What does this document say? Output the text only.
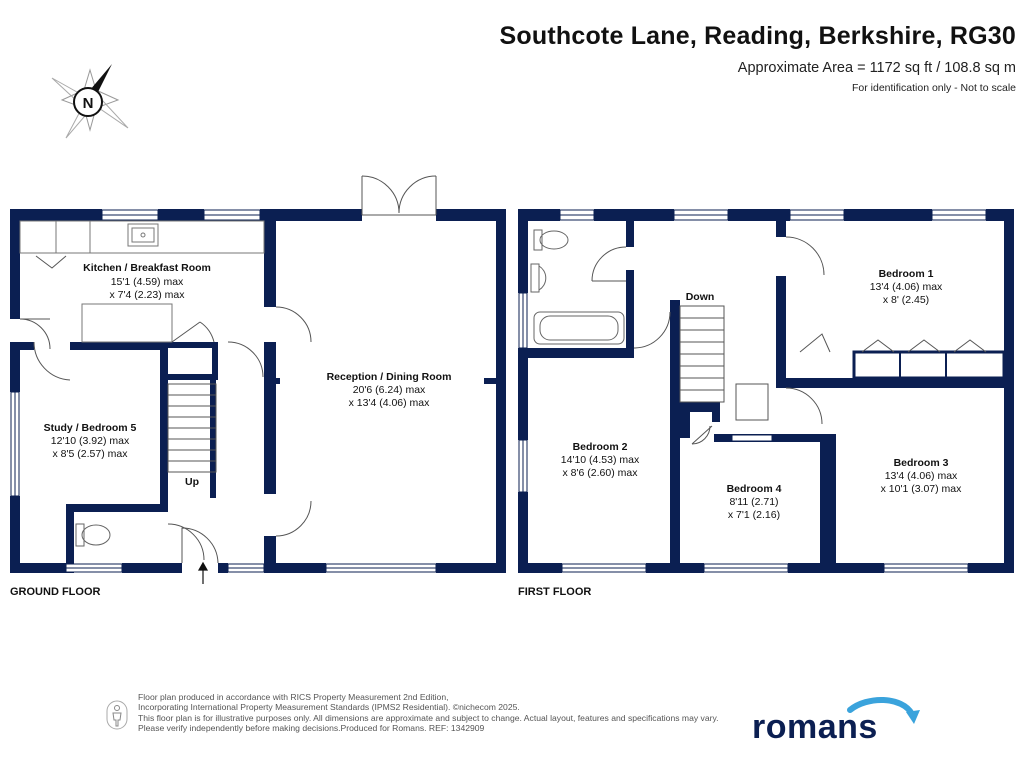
Southcote Lane, Reading, Berkshire, RG30
Approximate Area = 1172 sq ft / 108.8 sq m
For identification only - Not to scale
N
Kitchen / Breakfast Room
15'1 (4.59) max
x 7'4 (2.23) max
Reception / Dining Room
20'6 (6.24) max
x 13'4 (4.06) max
Study / Bedroom 5
12'10 (3.92) max
x 8'5 (2.57) max
Up
GROUND FLOOR
Bedroom 1
13'4 (4.06) max
x 8' (2.45)
Bedroom 2
14'10 (4.53) max
x 8'6 (2.60) max
Bedroom 3
13'4 (4.06) max
x 10'1 (3.07) max
Bedroom 4
8'11 (2.71)
x 7'1 (2.16)
Down
FIRST FLOOR
Floor plan produced in accordance with RICS Property Measurement 2nd Edition,
Incorporating International Property Measurement Standards (IPMS2 Residential). ©nichecom 2025.
This floor plan is for illustrative purposes only. All dimensions are approximate and subject to change. Actual layout, features and specifications may vary.
Please verify independently before making decisions.Produced for Romans. REF: 1342909	romans
